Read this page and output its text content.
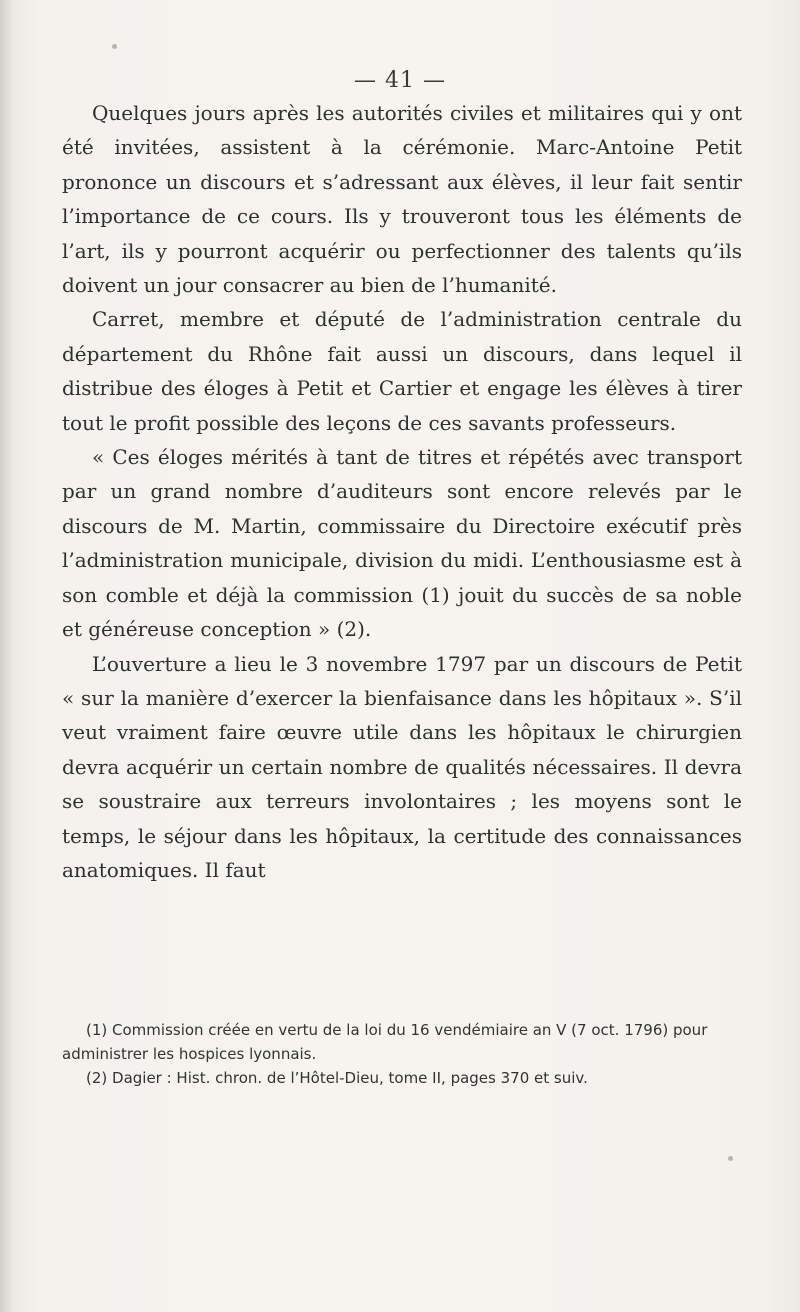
— 41 —

Quelques jours après les autorités civiles et militaires qui y ont été invitées, assistent à la cérémonie. Marc-Antoine Petit prononce un discours et s’adressant aux élèves, il leur fait sentir l’importance de ce cours. Ils y trouveront tous les éléments de l’art, ils y pourront acquérir ou perfectionner des talents qu’ils doivent un jour consacrer au bien de l’humanité.

Carret, membre et député de l’administration centrale du département du Rhône fait aussi un discours, dans lequel il distribue des éloges à Petit et Cartier et engage les élèves à tirer tout le profit possible des leçons de ces savants professeurs.

« Ces éloges mérités à tant de titres et répétés avec transport par un grand nombre d’auditeurs sont encore relevés par le discours de M. Martin, commissaire du Directoire exécutif près l’administration municipale, division du midi. L’enthousiasme est à son comble et déjà la commission (1) jouit du succès de sa noble et généreuse conception » (2).

L’ouverture a lieu le 3 novembre 1797 par un discours de Petit « sur la manière d’exercer la bienfaisance dans les hôpitaux ». S’il veut vraiment faire œuvre utile dans les hôpitaux le chirurgien devra acquérir un certain nombre de qualités nécessaires. Il devra se soustraire aux terreurs involontaires ; les moyens sont le temps, le séjour dans les hôpitaux, la certitude des connaissances anatomiques. Il faut

(1) Commission créée en vertu de la loi du 16 vendémiaire an V (7 oct. 1796) pour administrer les hospices lyonnais.

(2) Dagier : Hist. chron. de l’Hôtel-Dieu, tome II, pages 370 et suiv.
